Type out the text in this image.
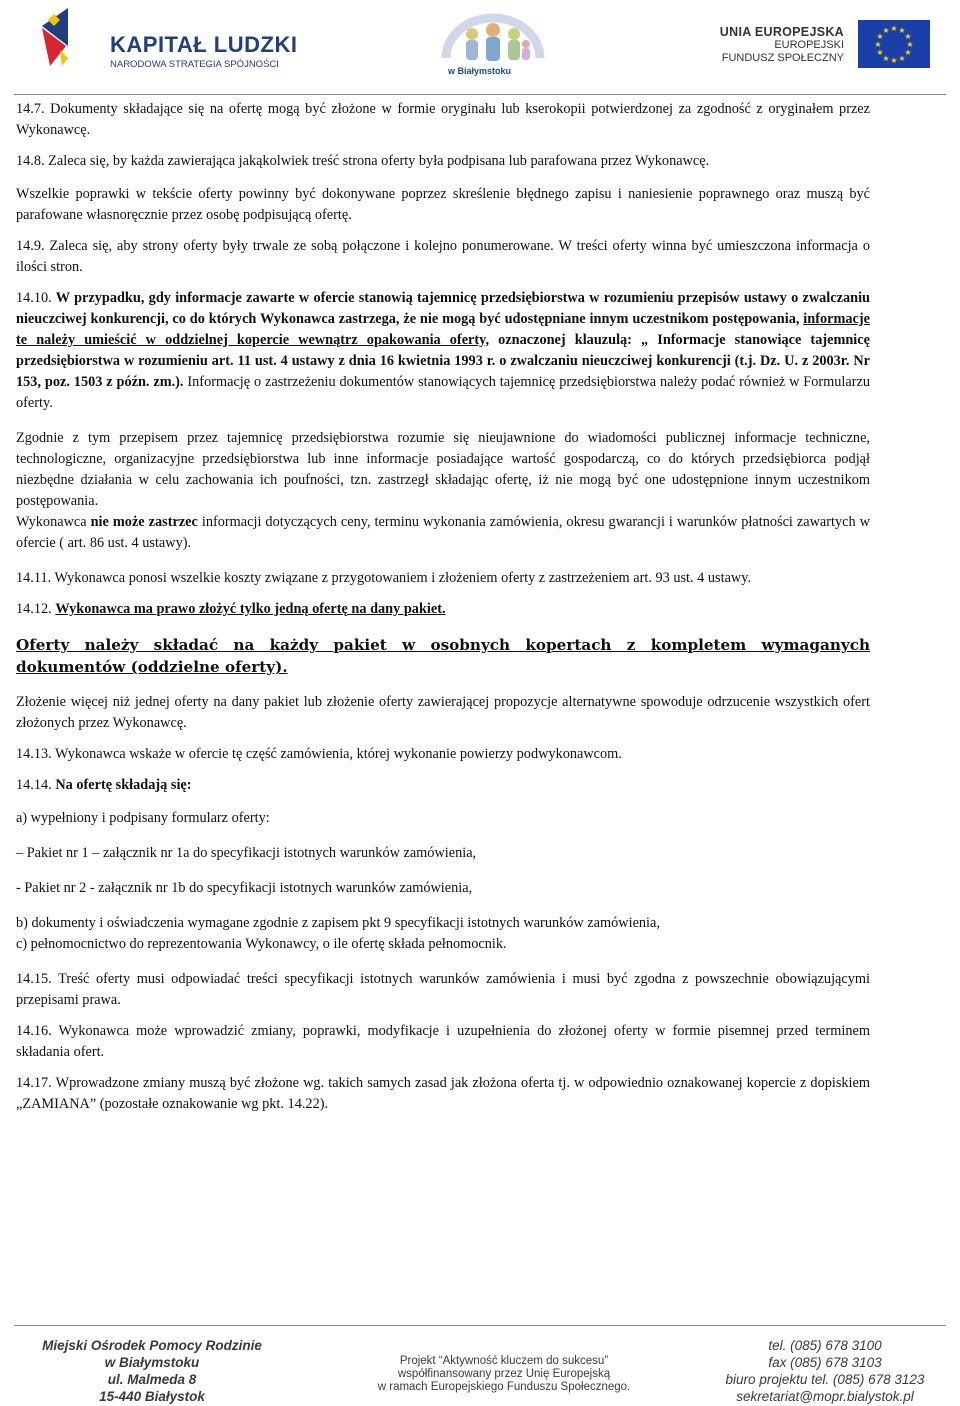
KAPITAŁ LUDZKI
NARODOWA STRATEGIA SPÓJNOŚCI
w Białymstoku
UNIA EUROPEJSKA
EUROPEJSKI
FUNDUSZ SPOŁECZNY
★ ★
★
★
★
★
★
★
★
★
★
★

14.7. Dokumenty składające się na ofertę mogą być złożone w formie oryginału lub kserokopii potwierdzonej za zgodność z oryginałem przez Wykonawcę.

14.8. Zaleca się, by każda zawierająca jakąkolwiek treść strona oferty była podpisana lub parafowana przez Wykonawcę.

Wszelkie poprawki w tekście oferty powinny być dokonywane poprzez skreślenie błędnego zapisu i naniesienie poprawnego oraz muszą być parafowane własnoręcznie przez osobę podpisującą ofertę.

14.9. Zaleca się, aby strony oferty były trwale ze sobą połączone i kolejno ponumerowane. W treści oferty winna być umieszczona informacja o ilości stron.

14.10. W przypadku, gdy informacje zawarte w ofercie stanowią tajemnicę przedsiębiorstwa w rozumieniu przepisów ustawy o zwalczaniu nieuczciwej konkurencji, co do których Wykonawca zastrzega, że nie mogą być udostępniane innym uczestnikom postępowania, informacje te należy umieścić w oddzielnej kopercie wewnątrz opakowania oferty, oznaczonej klauzulą: „ Informacje stanowiące tajemnicę przedsiębiorstwa w rozumieniu art. 11 ust. 4 ustawy z dnia 16 kwietnia 1993 r. o zwalczaniu nieuczciwej konkurencji (t.j. Dz. U. z 2003r. Nr 153, poz. 1503 z późn. zm.). Informację o zastrzeżeniu dokumentów stanowiących tajemnicę przedsiębiorstwa należy podać również w Formularzu oferty.

Zgodnie z tym przepisem przez tajemnicę przedsiębiorstwa rozumie się nieujawnione do wiadomości publicznej informacje techniczne, technologiczne, organizacyjne przedsiębiorstwa lub inne informacje posiadające wartość gospodarczą, co do których przedsiębiorca podjął niezbędne działania w celu zachowania ich poufności, tzn. zastrzegł składając ofertę, iż nie mogą być one udostępnione innym uczestnikom postępowania.

Wykonawca nie może zastrzec informacji dotyczących ceny, terminu wykonania zamówienia, okresu gwarancji i warunków płatności zawartych w ofercie ( art. 86 ust. 4 ustawy).

14.11. Wykonawca ponosi wszelkie koszty związane z przygotowaniem i złożeniem oferty z zastrzeżeniem art. 93 ust. 4 ustawy.

14.12. Wykonawca ma prawo złożyć tylko jedną ofertę na dany pakiet.

Oferty należy składać na każdy pakiet w osobnych kopertach z kompletem wymaganych dokumentów (oddzielne oferty).

Złożenie więcej niż jednej oferty na dany pakiet lub złożenie oferty zawierającej propozycje alternatywne spowoduje odrzucenie wszystkich ofert złożonych przez Wykonawcę.

14.13. Wykonawca wskaże w ofercie tę część zamówienia, której wykonanie powierzy podwykonawcom.

14.14. Na ofertę składają się:

a) wypełniony i podpisany formularz oferty:

– Pakiet nr 1 – załącznik nr 1a do specyfikacji istotnych warunków zamówienia,

- Pakiet nr 2 - załącznik nr 1b do specyfikacji istotnych warunków zamówienia,

b) dokumenty i oświadczenia wymagane zgodnie z zapisem pkt 9 specyfikacji istotnych warunków zamówienia,

c) pełnomocnictwo do reprezentowania Wykonawcy, o ile ofertę składa pełnomocnik.

14.15. Treść oferty musi odpowiadać treści specyfikacji istotnych warunków zamówienia i musi być zgodna z powszechnie obowiązującymi przepisami prawa.

14.16. Wykonawca może wprowadzić zmiany, poprawki, modyfikacje i uzupełnienia do złożonej oferty w formie pisemnej przed terminem składania ofert.

14.17. Wprowadzone zmiany muszą być złożone wg. takich samych zasad jak złożona oferta tj. w odpowiednio oznakowanej kopercie z dopiskiem „ZAMIANA” (pozostałe oznakowanie wg pkt. 14.22).

Miejski Ośrodek Pomocy Rodzinie
w Białymstoku
ul. Malmeda 8
15-440 Białystok
Projekt “Aktywność kluczem do sukcesu”
współfinansowany przez Unię Europejską
w ramach Europejskiego Funduszu Społecznego.
tel. (085) 678 3100
fax (085) 678 3103
biuro projektu tel. (085) 678 3123
sekretariat@mopr.bialystok.pl
